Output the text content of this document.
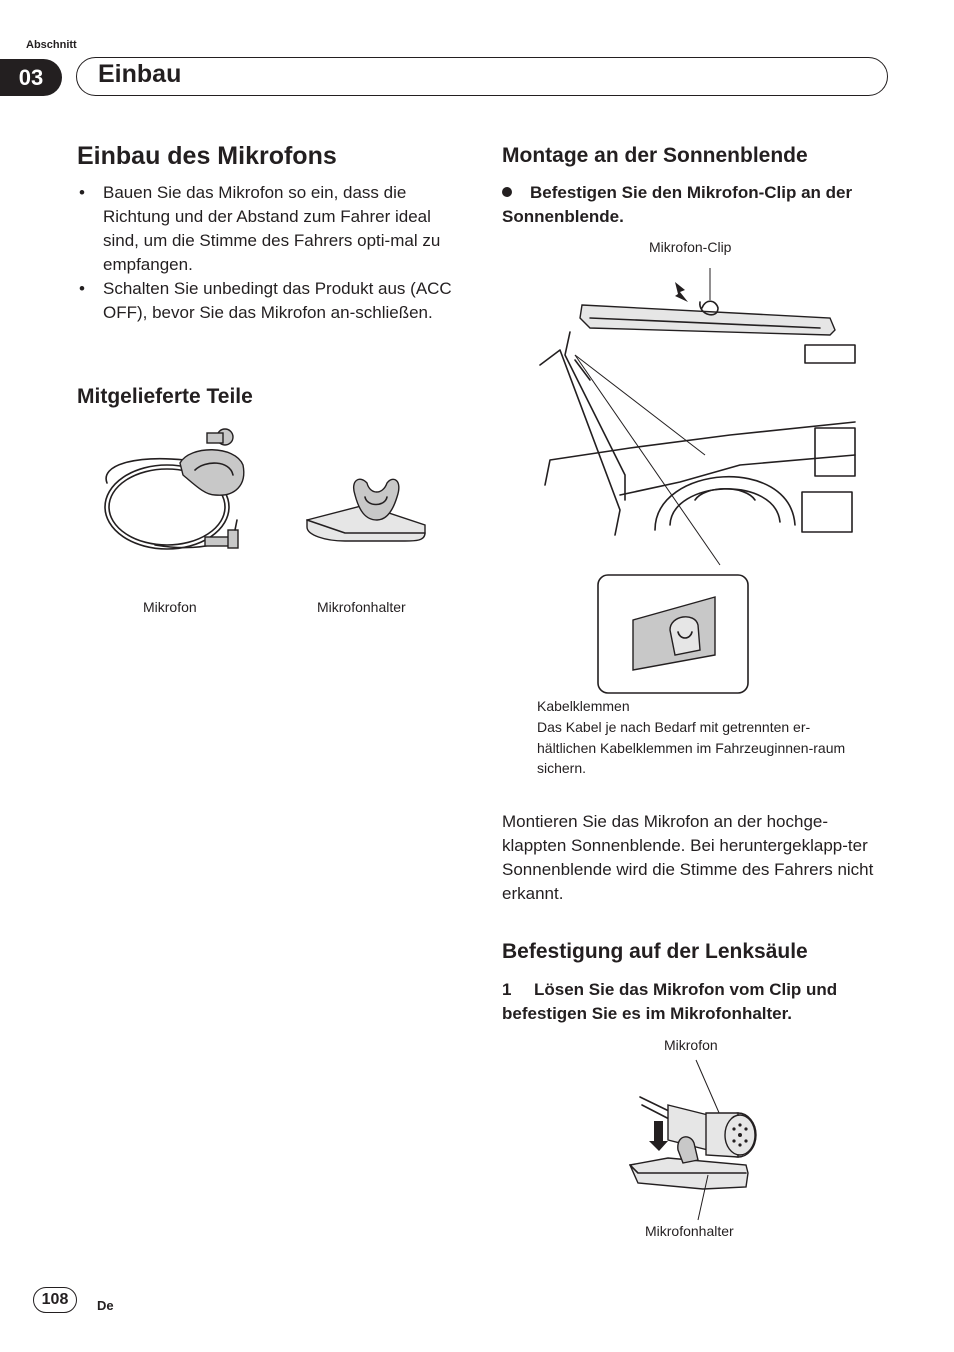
Abschnitt
03	Einbau
Einbau des Mikrofons
• Bauen Sie das Mikrofon so ein, dass die Richtung und der Abstand zum Fahrer ideal sind, um die Stimme des Fahrers opti-mal zu empfangen.
• Schalten Sie unbedingt das Produkt aus (ACC OFF), bevor Sie das Mikrofon an-schließen.
Mitgelieferte Teile
Mikrofon	Mikrofonhalter
Montage an der Sonnenblende
Befestigen Sie den Mikrofon-Clip an der Sonnenblende.
Mikrofon-Clip
Kabelklemmen
Das Kabel je nach Bedarf mit getrennten er-hältlichen Kabelklemmen im Fahrzeuginnen-raum sichern.
Montieren Sie das Mikrofon an der hochge-klappten Sonnenblende. Bei heruntergeklapp-ter Sonnenblende wird die Stimme des Fahrers nicht erkannt.
Befestigung auf der Lenksäule
1 Lösen Sie das Mikrofon vom Clip und befestigen Sie es im Mikrofonhalter.
Mikrofon
Mikrofonhalter
108	De
